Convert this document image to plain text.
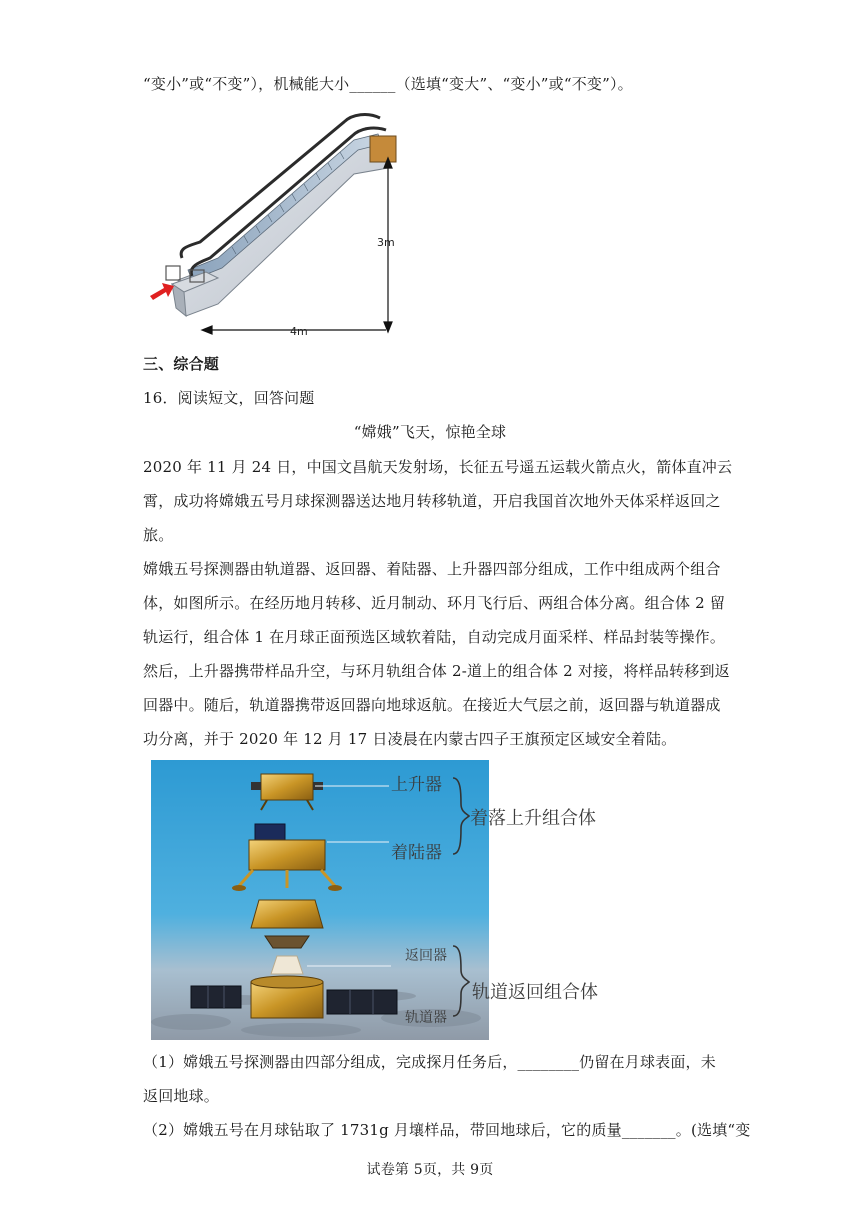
“变小”或“不变”），机械能大小______（选填“变大”、“变小”或“不变”）。
3m
4m
三、综合题
16．阅读短文，回答问题
“嫦娥”飞天，惊艳全球
2020 年 11 月 24 日，中国文昌航天发射场，长征五号遥五运载火箭点火，箭体直冲云
霄，成功将嫦娥五号月球探测器送达地月转移轨道，开启我国首次地外天体采样返回之
旅。
嫦娥五号探测器由轨道器、返回器、着陆器、上升器四部分组成，工作中组成两个组合
体，如图所示。在经历地月转移、近月制动、环月飞行后、两组合体分离。组合体 2 留
轨运行，组合体 1 在月球正面预选区域软着陆，自动完成月面采样、样品封装等操作。
然后，上升器携带样品升空，与环月轨组合体 2-道上的组合体 2 对接，将样品转移到返
回器中。随后，轨道器携带返回器向地球返航。在接近大气层之前，返回器与轨道器成
功分离，并于 2020 年 12 月 17 日凌晨在内蒙古四子王旗预定区域安全着陆。
上升器
着陆器
返回器
轨道器
着落上升组合体
轨道返回组合体
（1）嫦娥五号探测器由四部分组成，完成探月任务后，________仍留在月球表面，未
返回地球。
（2）嫦娥五号在月球钻取了 1731g 月壤样品，带回地球后，它的质量_______。(选填“变
试卷第 5页，共 9页
